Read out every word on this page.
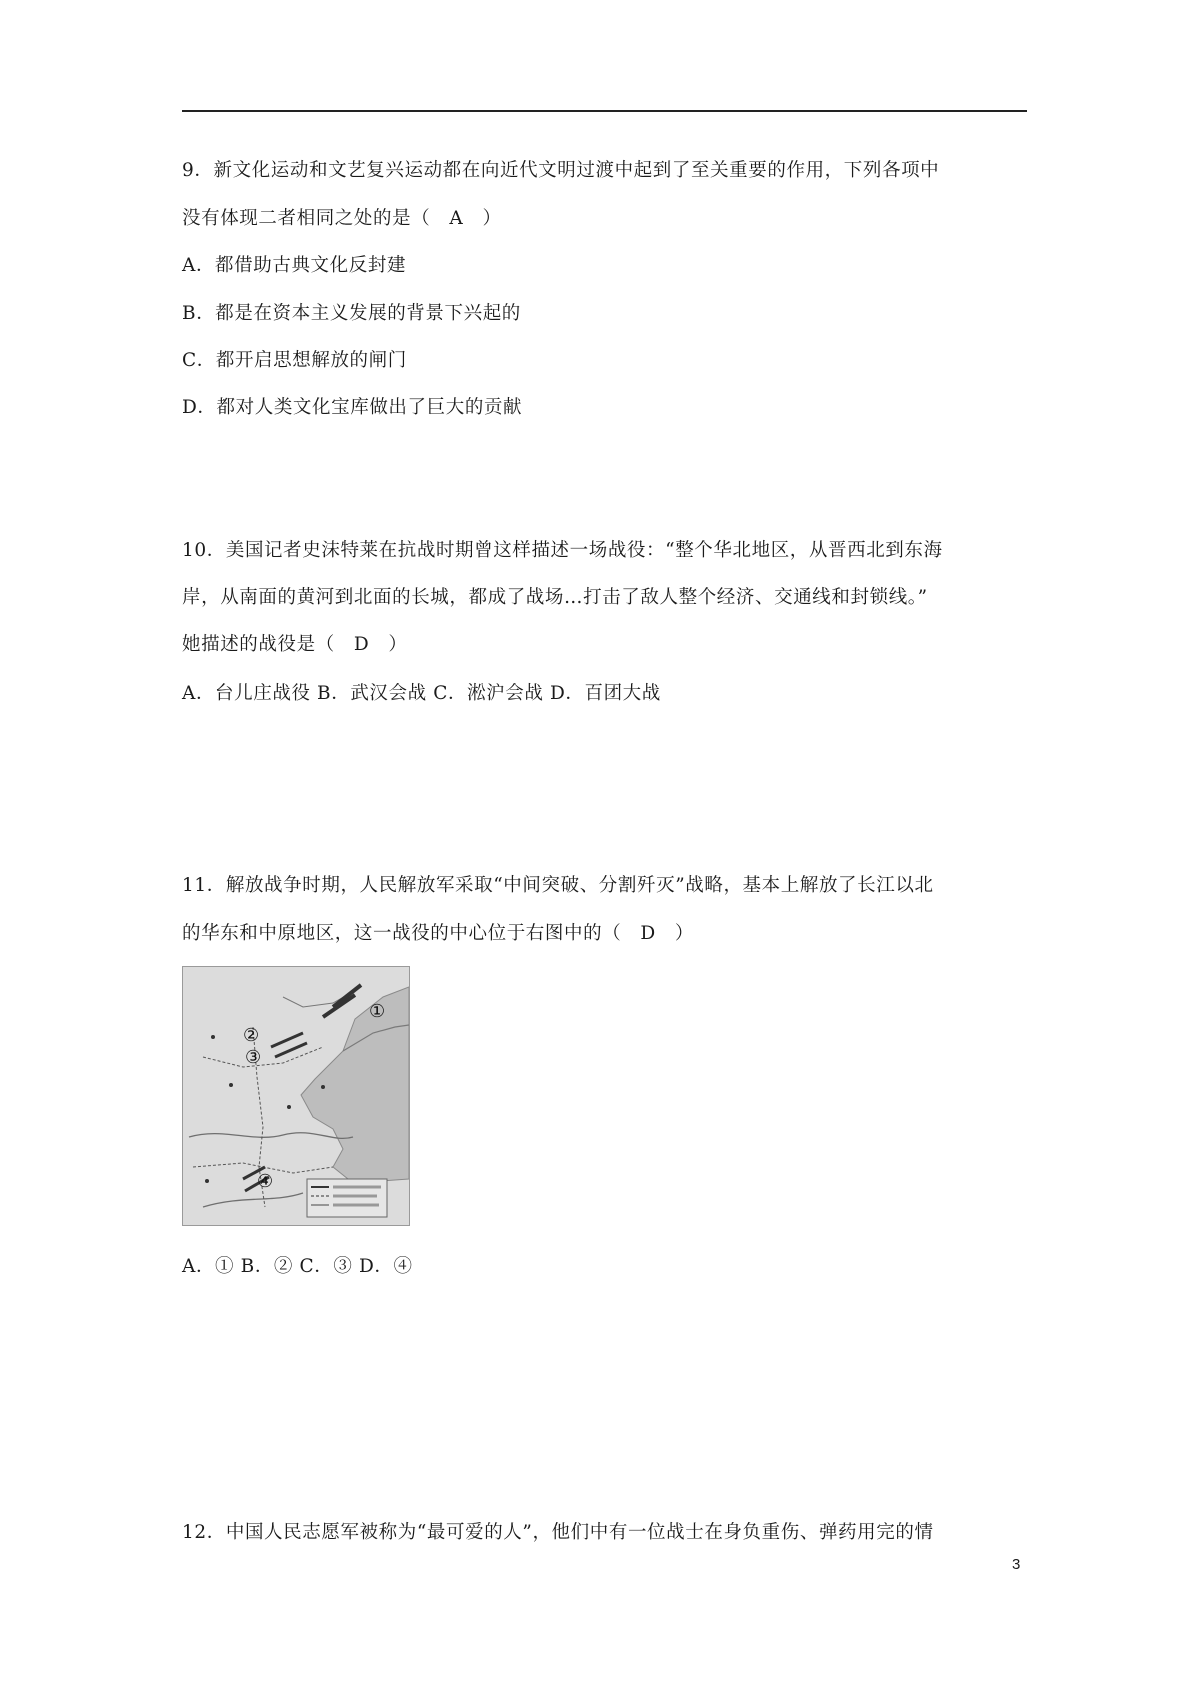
9．新文化运动和文艺复兴运动都在向近代文明过渡中起到了至关重要的作用，下列各项中
没有体现二者相同之处的是（　A　）
A．都借助古典文化反封建
B．都是在资本主义发展的背景下兴起的
C．都开启思想解放的闸门
D．都对人类文化宝库做出了巨大的贡献
10．美国记者史沫特莱在抗战时期曾这样描述一场战役：“整个华北地区，从晋西北到东海
岸，从南面的黄河到北面的长城，都成了战场…打击了敌人整个经济、交通线和封锁线。”
她描述的战役是（　D　）
A．台儿庄战役 B．武汉会战 C．淞沪会战 D．百团大战
11．解放战争时期，人民解放军采取“中间突破、分割歼灭”战略，基本上解放了长江以北
的华东和中原地区，这一战役的中心位于右图中的（　D　）
①
②
③
④
A．① B．② C．③ D．④
12．中国人民志愿军被称为“最可爱的人”，他们中有一位战士在身负重伤、弹药用完的情
3
